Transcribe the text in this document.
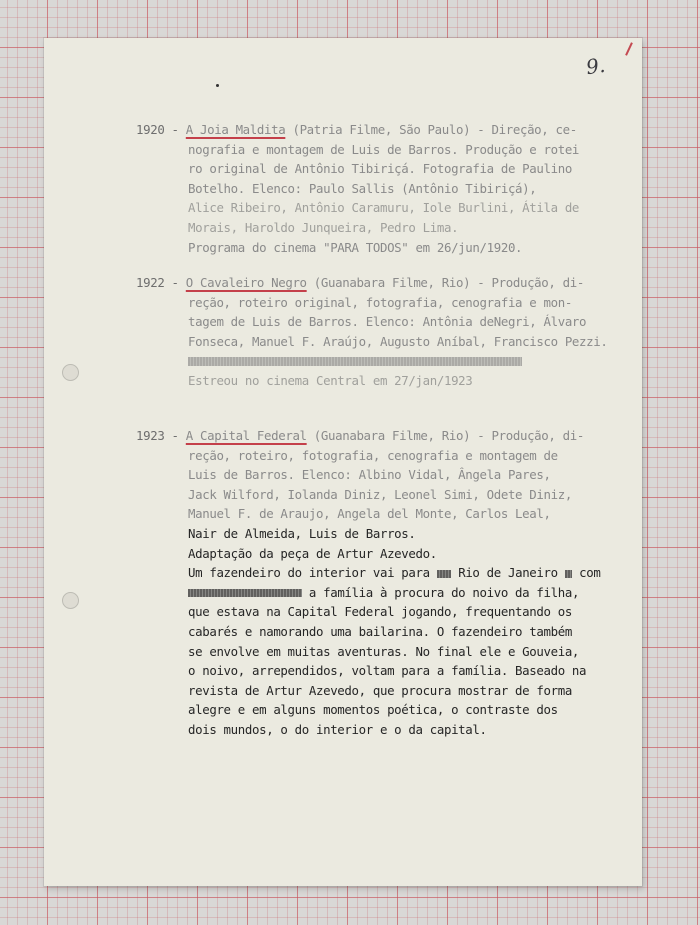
9.
1920 - A Joia Maldita (Patria Filme, São Paulo) - Direção, ce-
nografia e montagem de Luis de Barros. Produção e rotei
ro original de Antônio Tibiriçá. Fotografia de Paulino
Botelho. Elenco: Paulo Sallis (Antônio Tibiriçá),
Alice Ribeiro, Antônio Caramuru, Iole Burlini, Átila de
Morais, Haroldo Junqueira, Pedro Lima.
Programa do cinema "PARA TODOS" em 26/jun/1920.
1922 - O Cavaleiro Negro (Guanabara Filme, Rio) - Produção, di-
reção, roteiro original, fotografia, cenografia e mon-
tagem de Luis de Barros. Elenco: Antônia deNegri, Álvaro
Fonseca, Manuel F. Araújo, Augusto Aníbal, Francisco Pezzi.
Estreou no cinema Central em 27/jan/1923
1923 - A Capital Federal (Guanabara Filme, Rio) - Produção, di-
reção, roteiro, fotografia, cenografia e montagem de
Luis de Barros. Elenco: Albino Vidal, Ângela Pares,
Jack Wilford, Iolanda Diniz, Leonel Simi, Odete Diniz,
Manuel F. de Araujo, Angela del Monte, Carlos Leal,
Nair de Almeida, Luis de Barros.
Adaptação da peça de Artur Azevedo.
Um fazendeiro do interior vai para  Rio de Janeiro  com
a família à procura do noivo da filha,
que estava na Capital Federal jogando, frequentando os
cabarés e namorando uma bailarina. O fazendeiro também
se envolve em muitas aventuras. No final ele e Gouveia,
o noivo, arrependidos, voltam para a família. Baseado na
revista de Artur Azevedo, que procura mostrar de forma
alegre e em alguns momentos poética, o contraste dos
dois mundos, o do interior e o da capital.
